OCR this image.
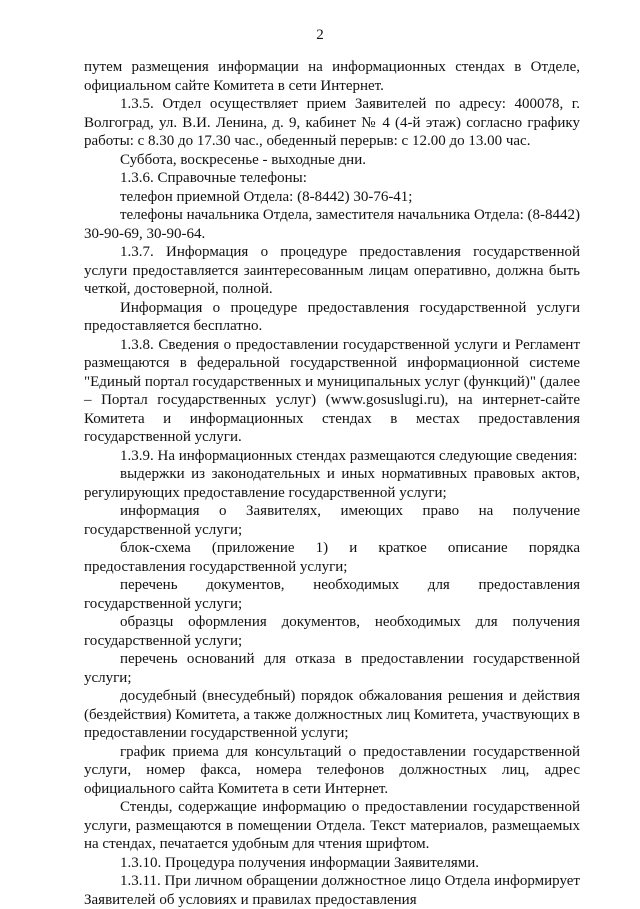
2

путем размещения информации на информационных стендах в Отделе, официальном сайте Комитета в сети Интернет.

1.3.5. Отдел осуществляет прием Заявителей по адресу: 400078, г. Волгоград, ул. В.И. Ленина, д. 9, кабинет № 4 (4-й этаж) согласно графику работы: с 8.30 до 17.30 час., обеденный перерыв: с 12.00 до 13.00 час.

Суббота, воскресенье - выходные дни.

1.3.6. Справочные телефоны:

телефон приемной Отдела: (8-8442) 30-76-41;

телефоны начальника Отдела, заместителя начальника Отдела: (8-8442) 30-90-69, 30-90-64.

1.3.7. Информация о процедуре предоставления государственной услуги предоставляется заинтересованным лицам оперативно, должна быть четкой, достоверной, полной.

Информация о процедуре предоставления государственной услуги предоставляется бесплатно.

1.3.8. Сведения о предоставлении государственной услуги и Регламент размещаются в федеральной государственной информационной системе "Единый портал государственных и муниципальных услуг (функций)" (далее – Портал государственных услуг) (www.gosuslugi.ru), на интернет-сайте Комитета и информационных стендах в местах предоставления государственной услуги.

1.3.9. На информационных стендах размещаются следующие сведения:

выдержки из законодательных и иных нормативных правовых актов, регулирующих предоставление государственной услуги;

информация о Заявителях, имеющих право на получение государственной услуги;

блок-схема (приложение 1) и краткое описание порядка предоставления государственной услуги;

перечень документов, необходимых для предоставления государственной услуги;

образцы оформления документов, необходимых для получения государственной услуги;

перечень оснований для отказа в предоставлении государственной услуги;

досудебный (внесудебный) порядок обжалования решения и действия (бездействия) Комитета, а также должностных лиц Комитета, участвующих в предоставлении государственной услуги;

график приема для консультаций о предоставлении государственной услуги, номер факса, номера телефонов должностных лиц, адрес официального сайта Комитета в сети Интернет.

Стенды, содержащие информацию о предоставлении государственной услуги, размещаются в помещении Отдела. Текст материалов, размещаемых на стендах, печатается удобным для чтения шрифтом.

1.3.10. Процедура получения информации Заявителями.

1.3.11. При личном обращении должностное лицо Отдела информирует Заявителей об условиях и правилах предоставления
